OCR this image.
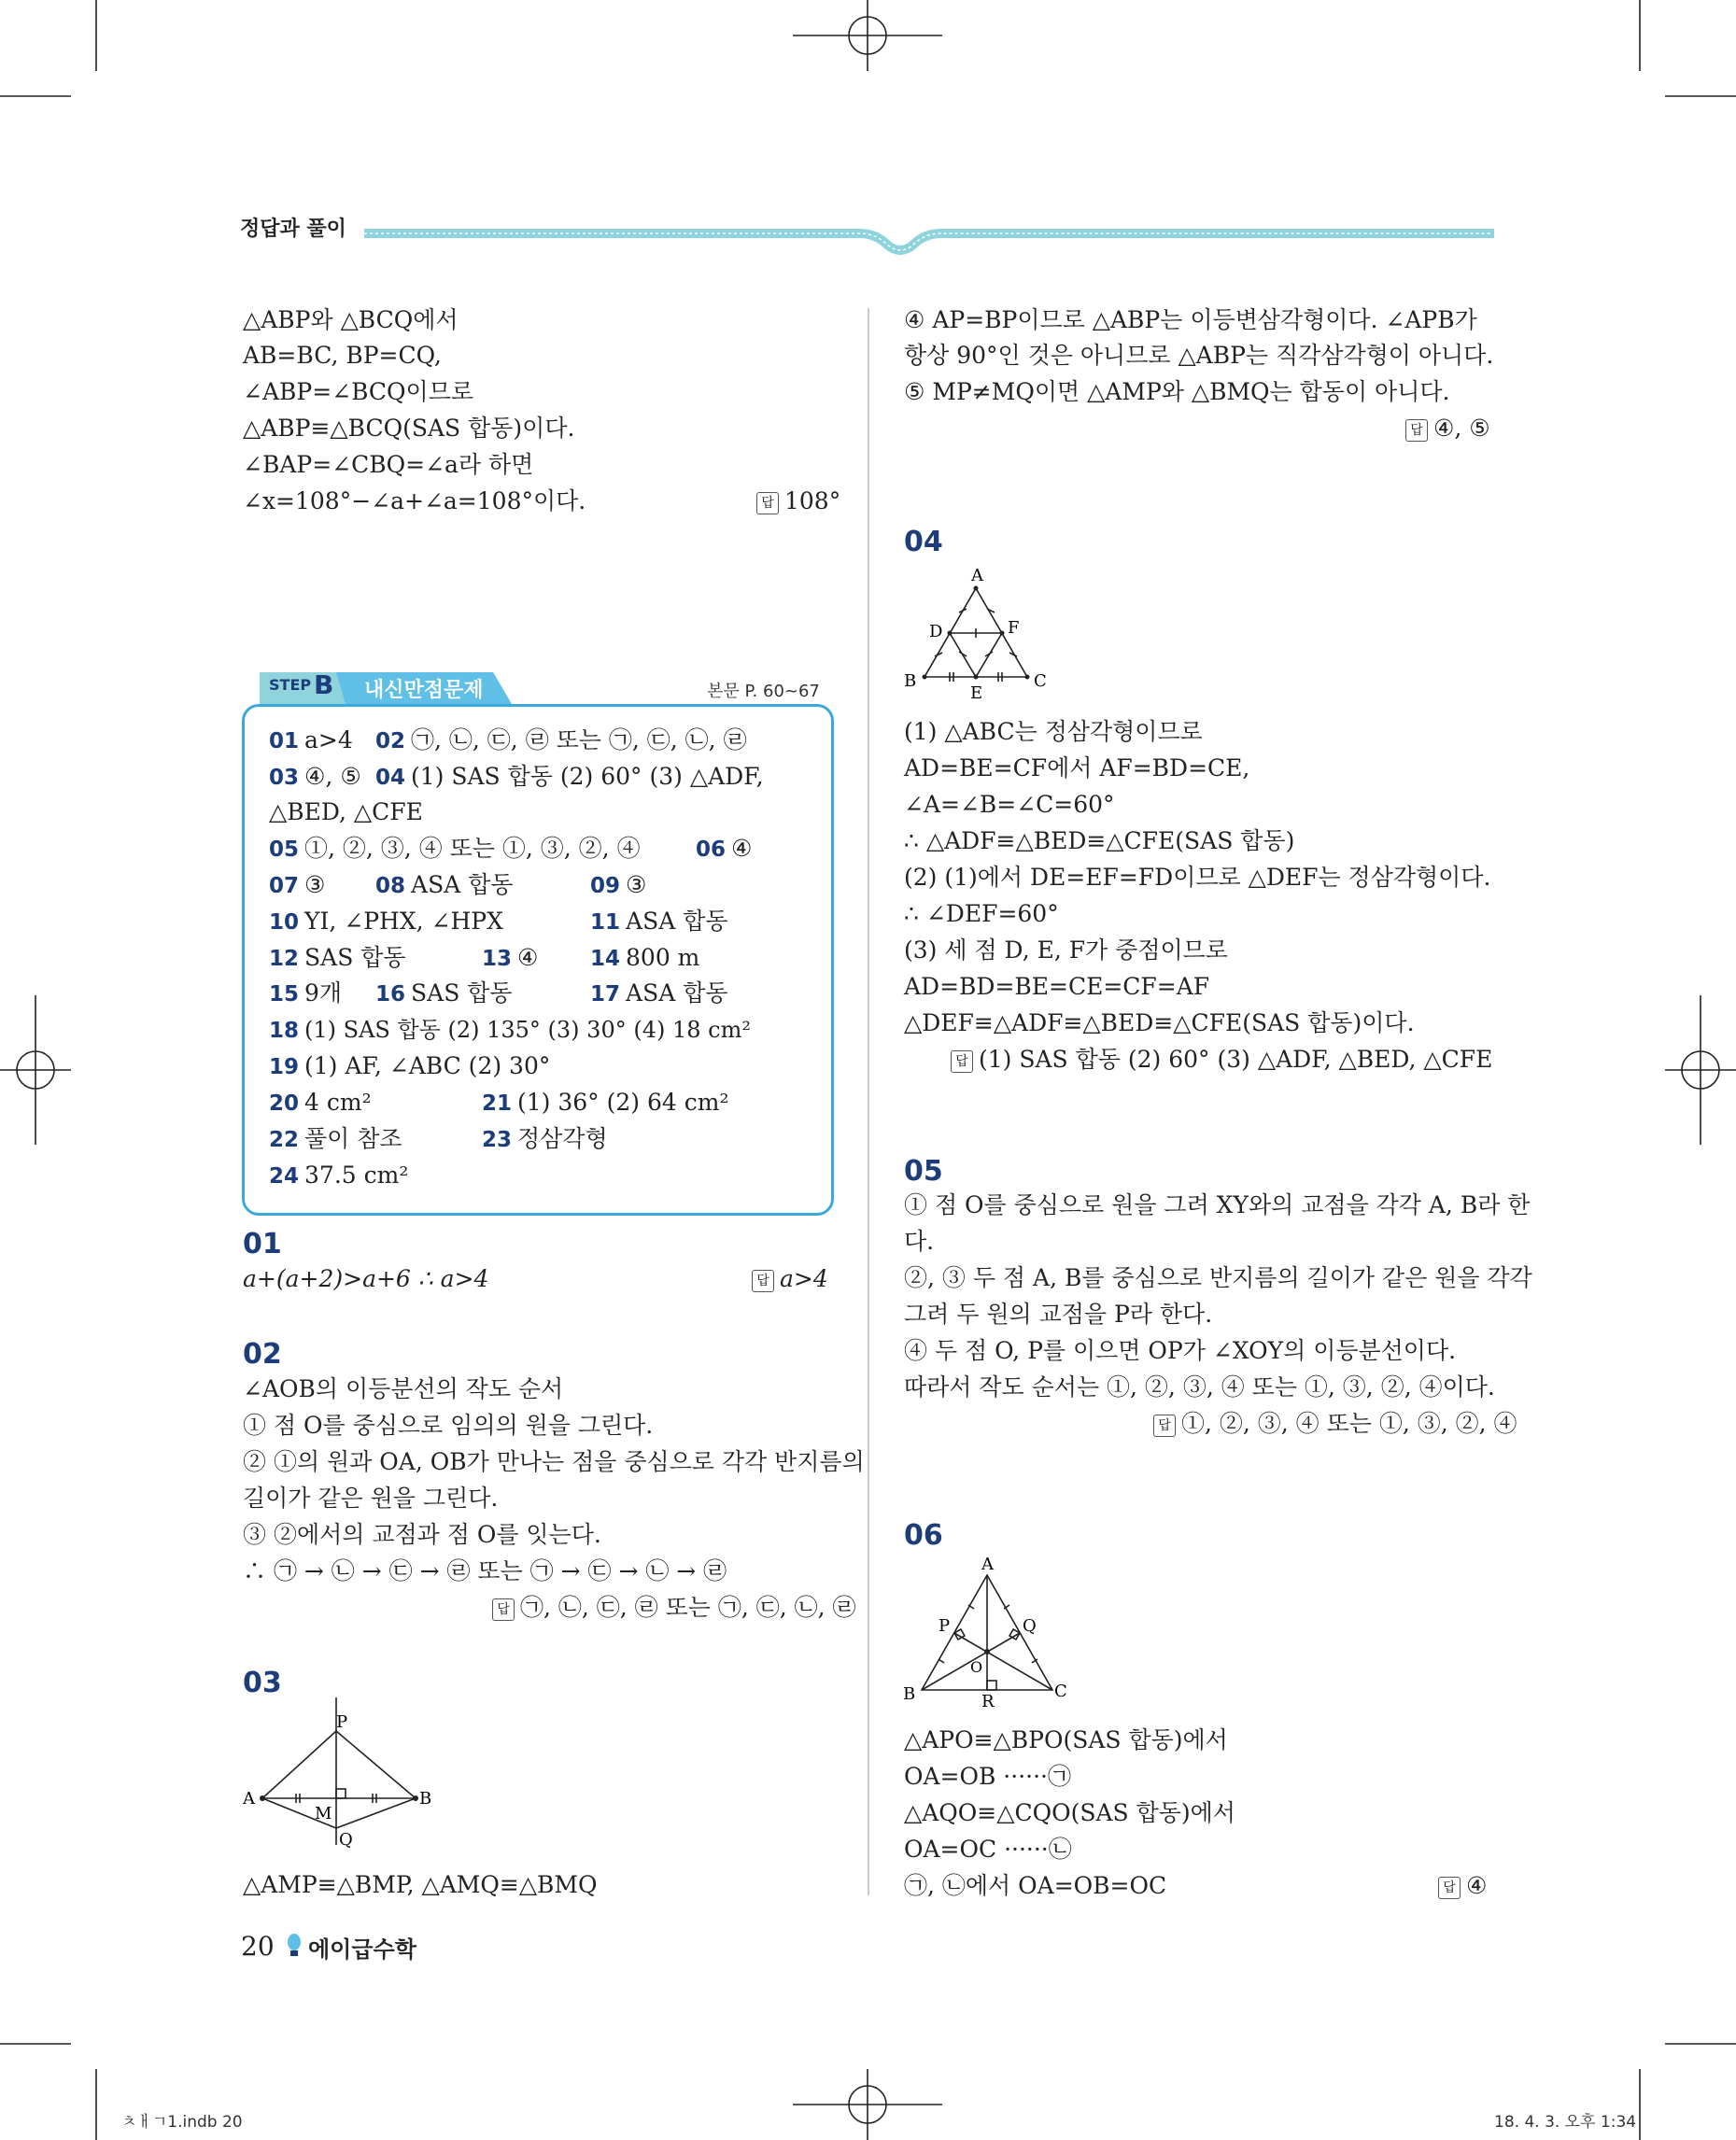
정답과 풀이
△ABP와 △BCQ에서
AB=BC, BP=CQ,
∠ABP=∠BCQ이므로
△ABP≡△BCQ(SAS 합동)이다.
∠BAP=∠CBQ=∠a라 하면
∠x=108°−∠a+∠a=108°이다.	답 108°
STEP B 내신만점문제	본문 P. 60~67
01 a>4 02 ㉠, ㉡, ㉢, ㉣ 또는 ㉠, ㉢, ㉡, ㉣
03 ④, ⑤ 04 (1) SAS 합동 (2) 60° (3) △ADF,
△BED, △CFE
05 ①, ②, ③, ④ 또는 ①, ③, ②, ④	06 ④
07 ③ 08 ASA 합동	09 ③
10 YI, ∠PHX, ∠HPX	11 ASA 합동
12 SAS 합동	13 ④ 14 800 m
15 9개 16 SAS 합동	17 ASA 합동
18 (1) SAS 합동 (2) 135° (3) 30° (4) 18 cm²
19 (1) AF, ∠ABC (2) 30°
20 4 cm²	21 (1) 36° (2) 64 cm²
22 풀이 참조	23 정삼각형
24 37.5 cm²
01
a+(a+2)>a+6 ∴ a>4	답 a>4
02
∠AOB의 이등분선의 작도 순서
① 점 O를 중심으로 임의의 원을 그린다.
② ①의 원과 OA, OB가 만나는 점을 중심으로 각각 반지름의
길이가 같은 원을 그린다.
③ ②에서의 교점과 점 O를 잇는다.
∴ ㉠ → ㉡ → ㉢ → ㉣ 또는 ㉠ → ㉢ → ㉡ → ㉣
답 ㉠, ㉡, ㉢, ㉣ 또는 ㉠, ㉢, ㉡, ㉣
03
P
A
M
B
Q
△AMP≡△BMP, △AMQ≡△BMQ
④ AP=BP이므로 △ABP는 이등변삼각형이다. ∠APB가
항상 90°인 것은 아니므로 △ABP는 직각삼각형이 아니다.
⑤ MP≠MQ이면 △AMP와 △BMQ는 합동이 아니다.
답 ④, ⑤
04
A
D	F
B
E
C
(1) △ABC는 정삼각형이므로
AD=BE=CF에서 AF=BD=CE,
∠A=∠B=∠C=60°
∴ △ADF≡△BED≡△CFE(SAS 합동)
(2) (1)에서 DE=EF=FD이므로 △DEF는 정삼각형이다.
∴ ∠DEF=60°
(3) 세 점 D, E, F가 중점이므로
AD=BD=BE=CE=CF=AF
△DEF≡△ADF≡△BED≡△CFE(SAS 합동)이다.
답 (1) SAS 합동 (2) 60° (3) △ADF, △BED, △CFE
05
① 점 O를 중심으로 원을 그려 XY와의 교점을 각각 A, B라 한
다.
②, ③ 두 점 A, B를 중심으로 반지름의 길이가 같은 원을 각각
그려 두 원의 교점을 P라 한다.
④ 두 점 O, P를 이으면 OP가 ∠XOY의 이등분선이다.
따라서 작도 순서는 ①, ②, ③, ④ 또는 ①, ③, ②, ④이다.
답 ①, ②, ③, ④ 또는 ①, ③, ②, ④
06
A
P	Q
O
B	R
C
△APO≡△BPO(SAS 합동)에서
OA=OB ······㉠
△AQO≡△CQO(SAS 합동)에서
OA=OC ······㉡
㉠, ㉡에서 OA=OB=OC	답 ④
20 에이급수학
ㅊㅐㄱ1.indb 20	18. 4. 3. 오후 1:34
